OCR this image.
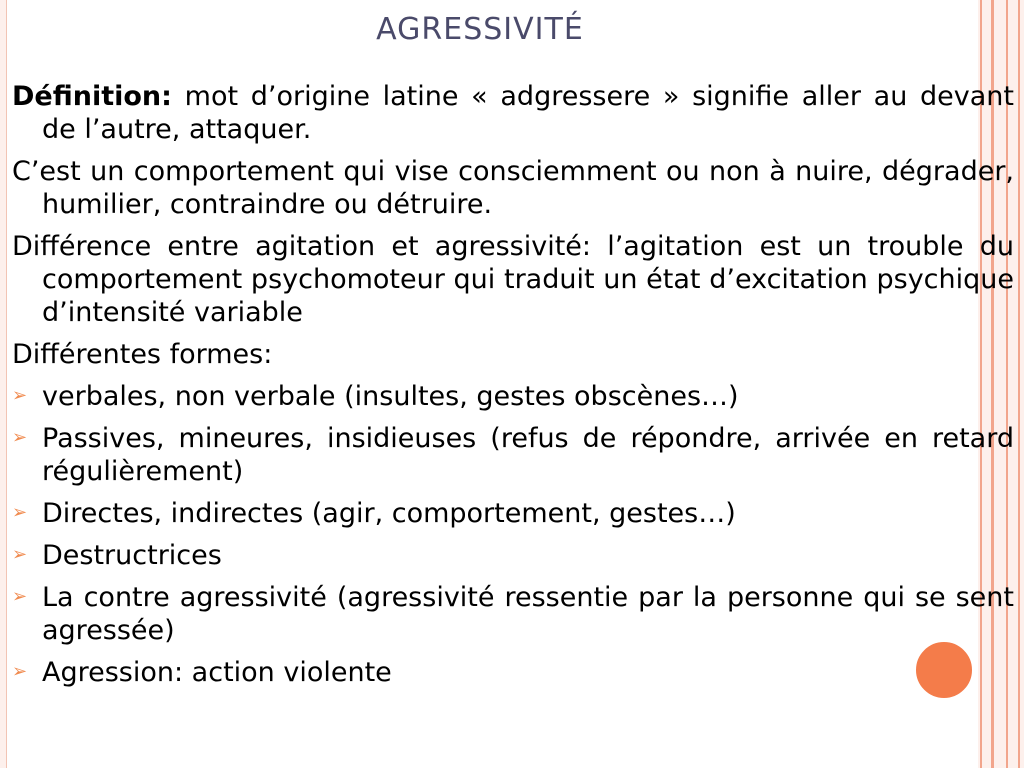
AGRESSIVITÉ

Définition: mot d’origine latine « adgressere » signifie aller au devant de l’autre, attaquer.

C’est un comportement qui vise consciemment ou non à nuire, dégrader, humilier, contraindre ou détruire.

Différence entre agitation et agressivité: l’agitation est un trouble du comportement psychomoteur qui traduit un état d’excitation psychique d’intensité variable

Différentes formes:

➢ verbales, non verbale (insultes, gestes obscènes…)
➢ Passives, mineures, insidieuses (refus de répondre, arrivée en retard régulièrement)
➢ Directes, indirectes (agir, comportement, gestes…)
➢ Destructrices
➢ La contre agressivité (agressivité ressentie par la personne qui se sent agressée)
➢ Agression: action violente
